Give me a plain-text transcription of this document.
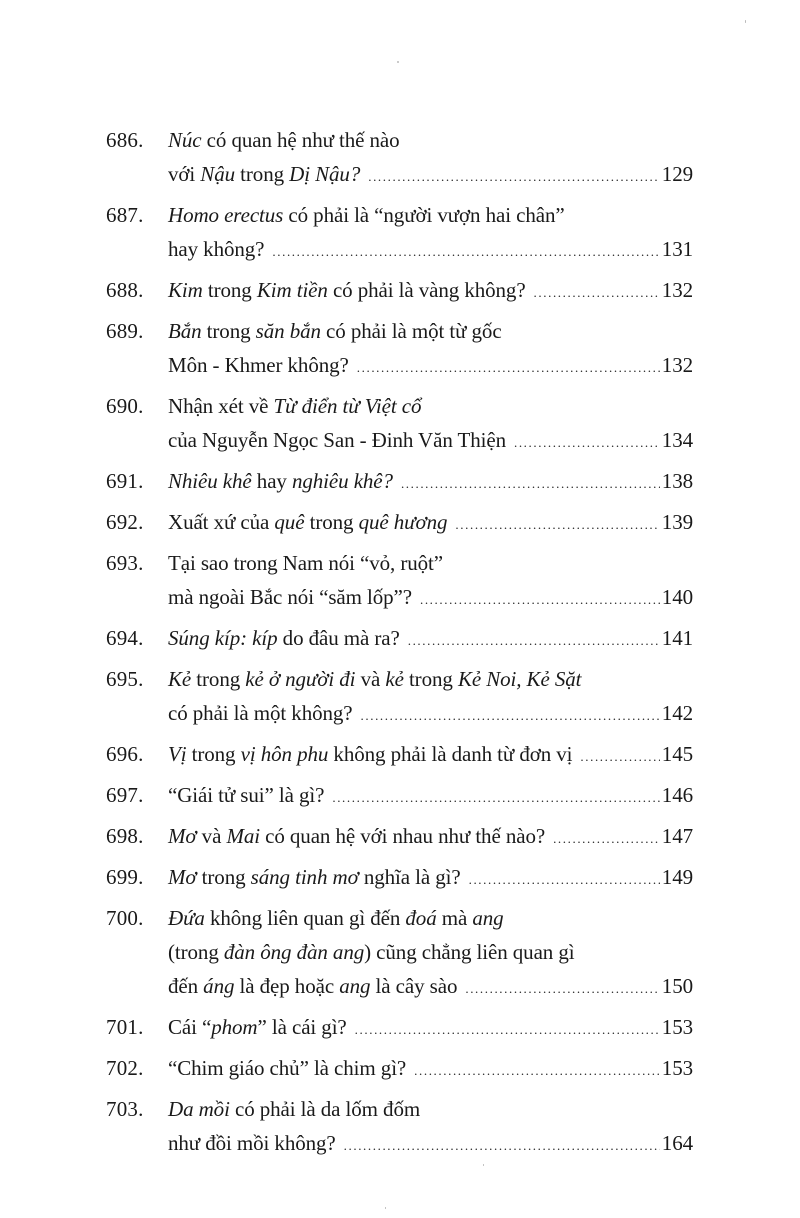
686.	Núc có quan hệ như thế nào
với Nậu trong Dị Nậu? .....	129
687.	Homo erectus có phải là “người vượn hai chân”
hay không? .....	131
688.	Kim trong Kim tiền có phải là vàng không? .....	132
689.	Bắn trong săn bắn có phải là một từ gốc
Môn - Khmer không? .....	132
690.	Nhận xét về Từ điển từ Việt cổ
của Nguyễn Ngọc San - Đinh Văn Thiện .....	134
691.	Nhiêu khê hay nghiêu khê? .....	138
692.	Xuất xứ của quê trong quê hương .....	139
693.	Tại sao trong Nam nói “vỏ, ruột”
mà ngoài Bắc nói “săm lốp”? .....	140
694.	Súng kíp: kíp do đâu mà ra? .....	141
695.	Kẻ trong kẻ ở người đi và kẻ trong Kẻ Noi, Kẻ Sặt
có phải là một không? .....	142
696.	Vị trong vị hôn phu không phải là danh từ đơn vị .....	145
697.	“Giái tử sui” là gì? .....	146
698.	Mơ và Mai có quan hệ với nhau như thế nào? .....	147
699.	Mơ trong sáng tinh mơ nghĩa là gì? .....	149
700.	Đứa không liên quan gì đến đoá mà ang
(trong đàn ông đàn ang) cũng chẳng liên quan gì
đến áng là đẹp hoặc ang là cây sào .....	150
701.	Cái “phom” là cái gì? .....	153
702.	“Chim giáo chủ” là chim gì? .....	153
703.	Da mồi có phải là da lốm đốm
như đồi mồi không? .....	164
